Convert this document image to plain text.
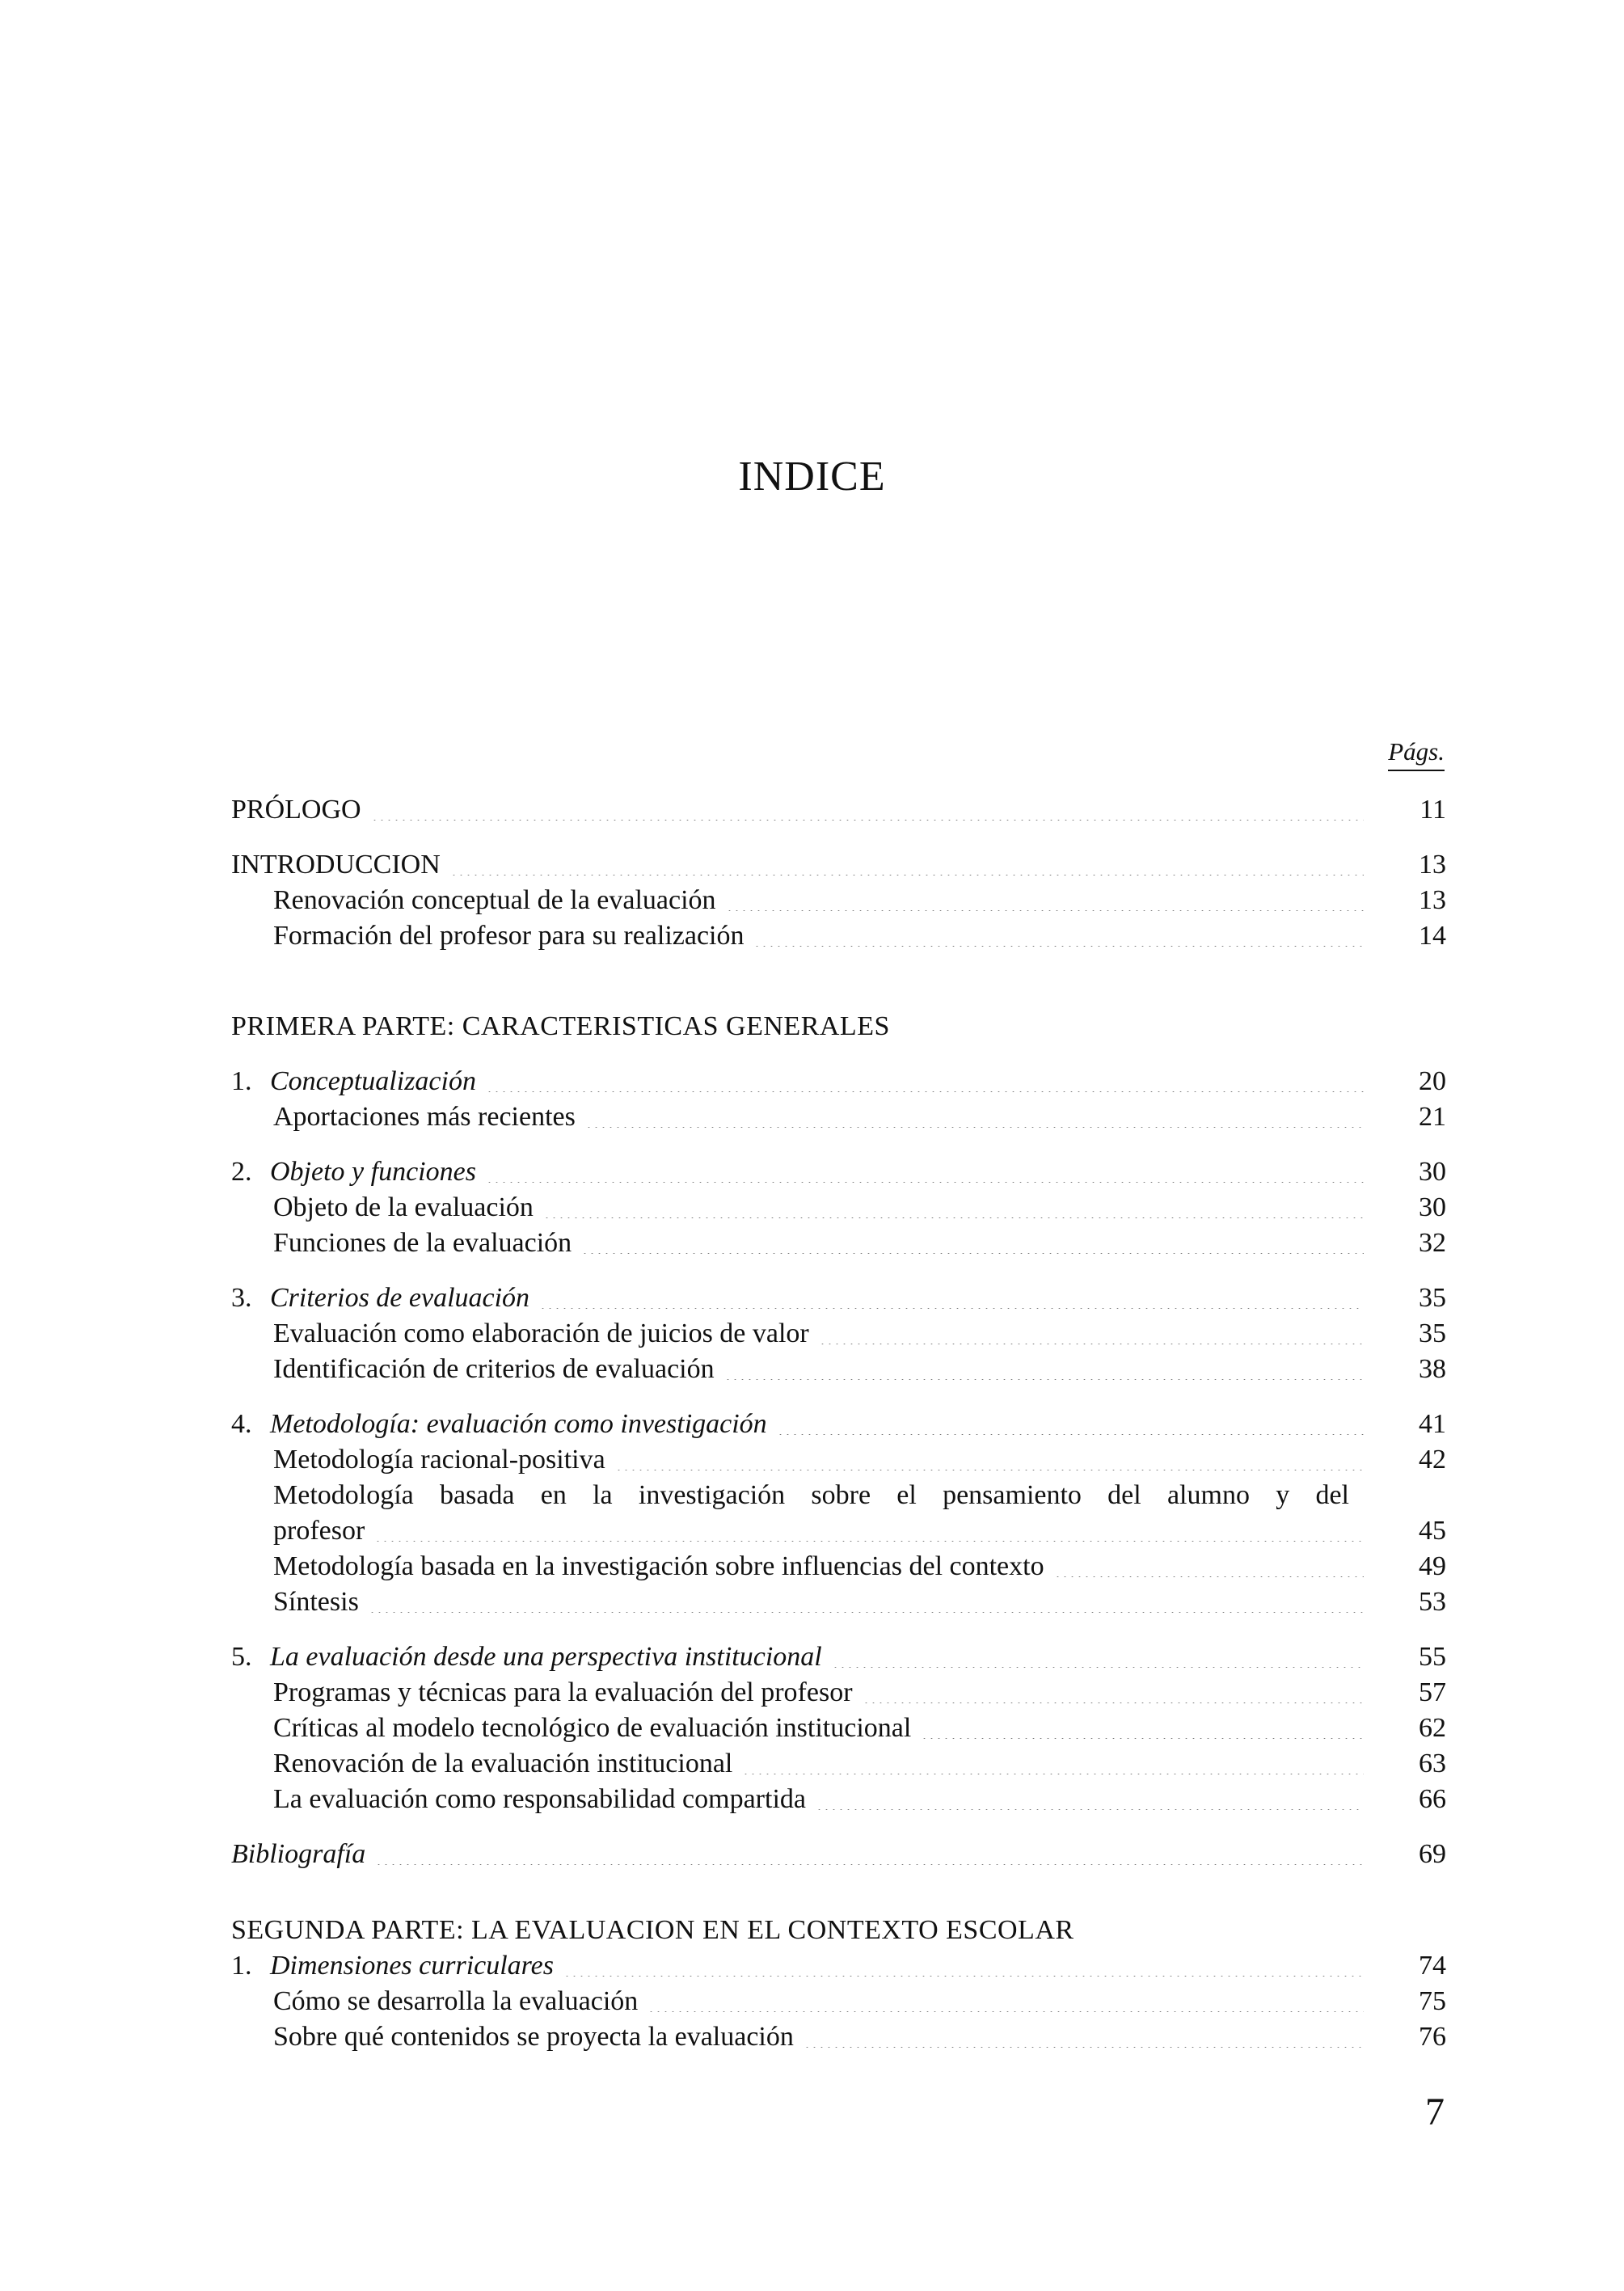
INDICE
Págs.
PRÓLOGO	11
INTRODUCCION	13
Renovación conceptual de la evaluación	13
Formación del profesor para su realización	14
PRIMERA PARTE: CARACTERISTICAS GENERALES
1. Conceptualización	20
Aportaciones más recientes	21
2. Objeto y funciones	30
Objeto de la evaluación	30
Funciones de la evaluación	32
3. Criterios de evaluación	35
Evaluación como elaboración de juicios de valor	35
Identificación de criterios de evaluación	38
4. Metodología: evaluación como investigación	41
Metodología racional-positiva	42
Metodología basada en la investigación sobre el pensamiento del alumno y del
profesor	45
Metodología basada en la investigación sobre influencias del contexto	49
Síntesis	53
5. La evaluación desde una perspectiva institucional	55
Programas y técnicas para la evaluación del profesor	57
Críticas al modelo tecnológico de evaluación institucional	62
Renovación de la evaluación institucional	63
La evaluación como responsabilidad compartida	66
Bibliografía	69
SEGUNDA PARTE: LA EVALUACION EN EL CONTEXTO ESCOLAR
1. Dimensiones curriculares	74
Cómo se desarrolla la evaluación	75
Sobre qué contenidos se proyecta la evaluación	76
7
